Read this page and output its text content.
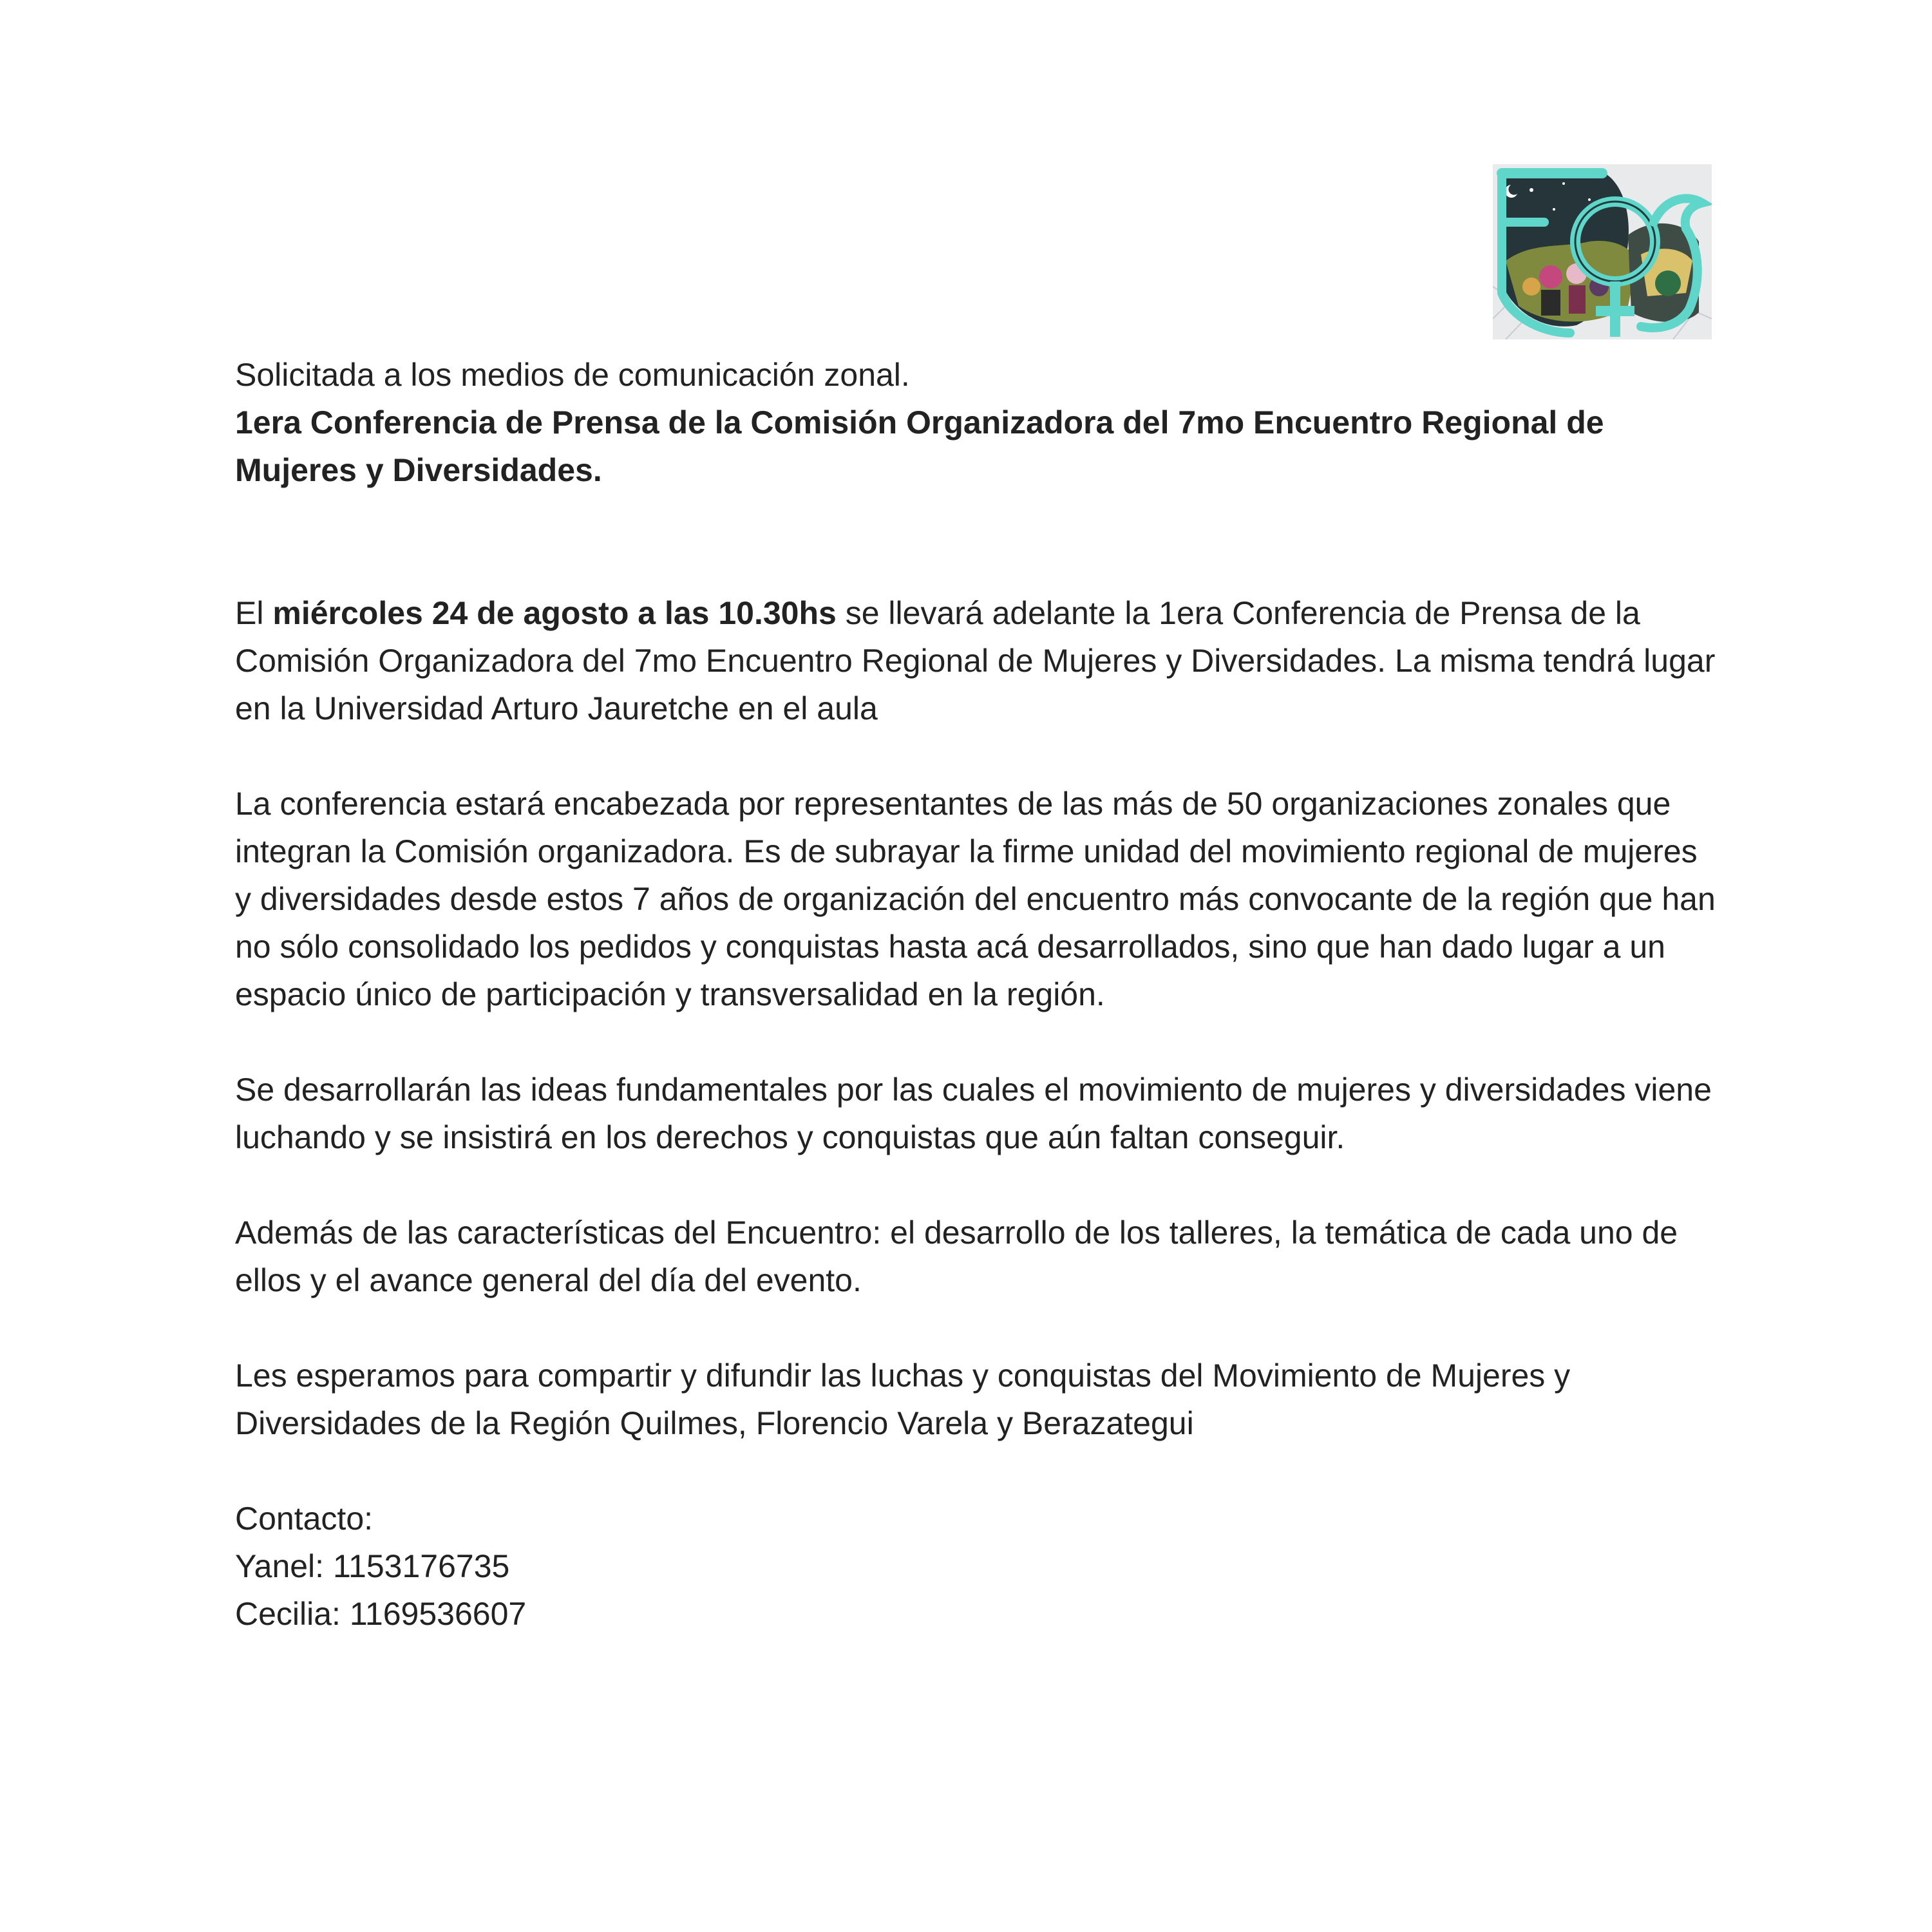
Solicitada a los medios de comunicación zonal.

1era Conferencia de Prensa de la Comisión Organizadora del 7mo Encuentro Regional de Mujeres y Diversidades.

El miércoles 24 de agosto a las 10.30hs se llevará adelante la 1era Conferencia de Prensa de la Comisión Organizadora del 7mo Encuentro Regional de Mujeres y Diversidades. La misma tendrá lugar en la Universidad Arturo Jauretche en el aula

La conferencia estará encabezada por representantes de las más de 50 organizaciones zonales que integran la Comisión organizadora. Es de subrayar la firme unidad del movimiento regional de mujeres y diversidades desde estos 7 años de organización del encuentro más convocante de la región que han no sólo consolidado los pedidos y conquistas hasta acá desarrollados, sino que han dado lugar a un espacio único de participación y transversalidad en la región.

Se desarrollarán las ideas fundamentales por las cuales el movimiento de mujeres y diversidades viene luchando y se insistirá en los derechos y conquistas que aún faltan conseguir.

Además de las características del Encuentro: el desarrollo de los talleres, la temática de cada uno de ellos y el avance general del día del evento.

Les esperamos para compartir y difundir las luchas y conquistas del Movimiento de Mujeres y Diversidades de la Región Quilmes, Florencio Varela y Berazategui

Contacto:

Yanel: 1153176735

Cecilia: 1169536607
